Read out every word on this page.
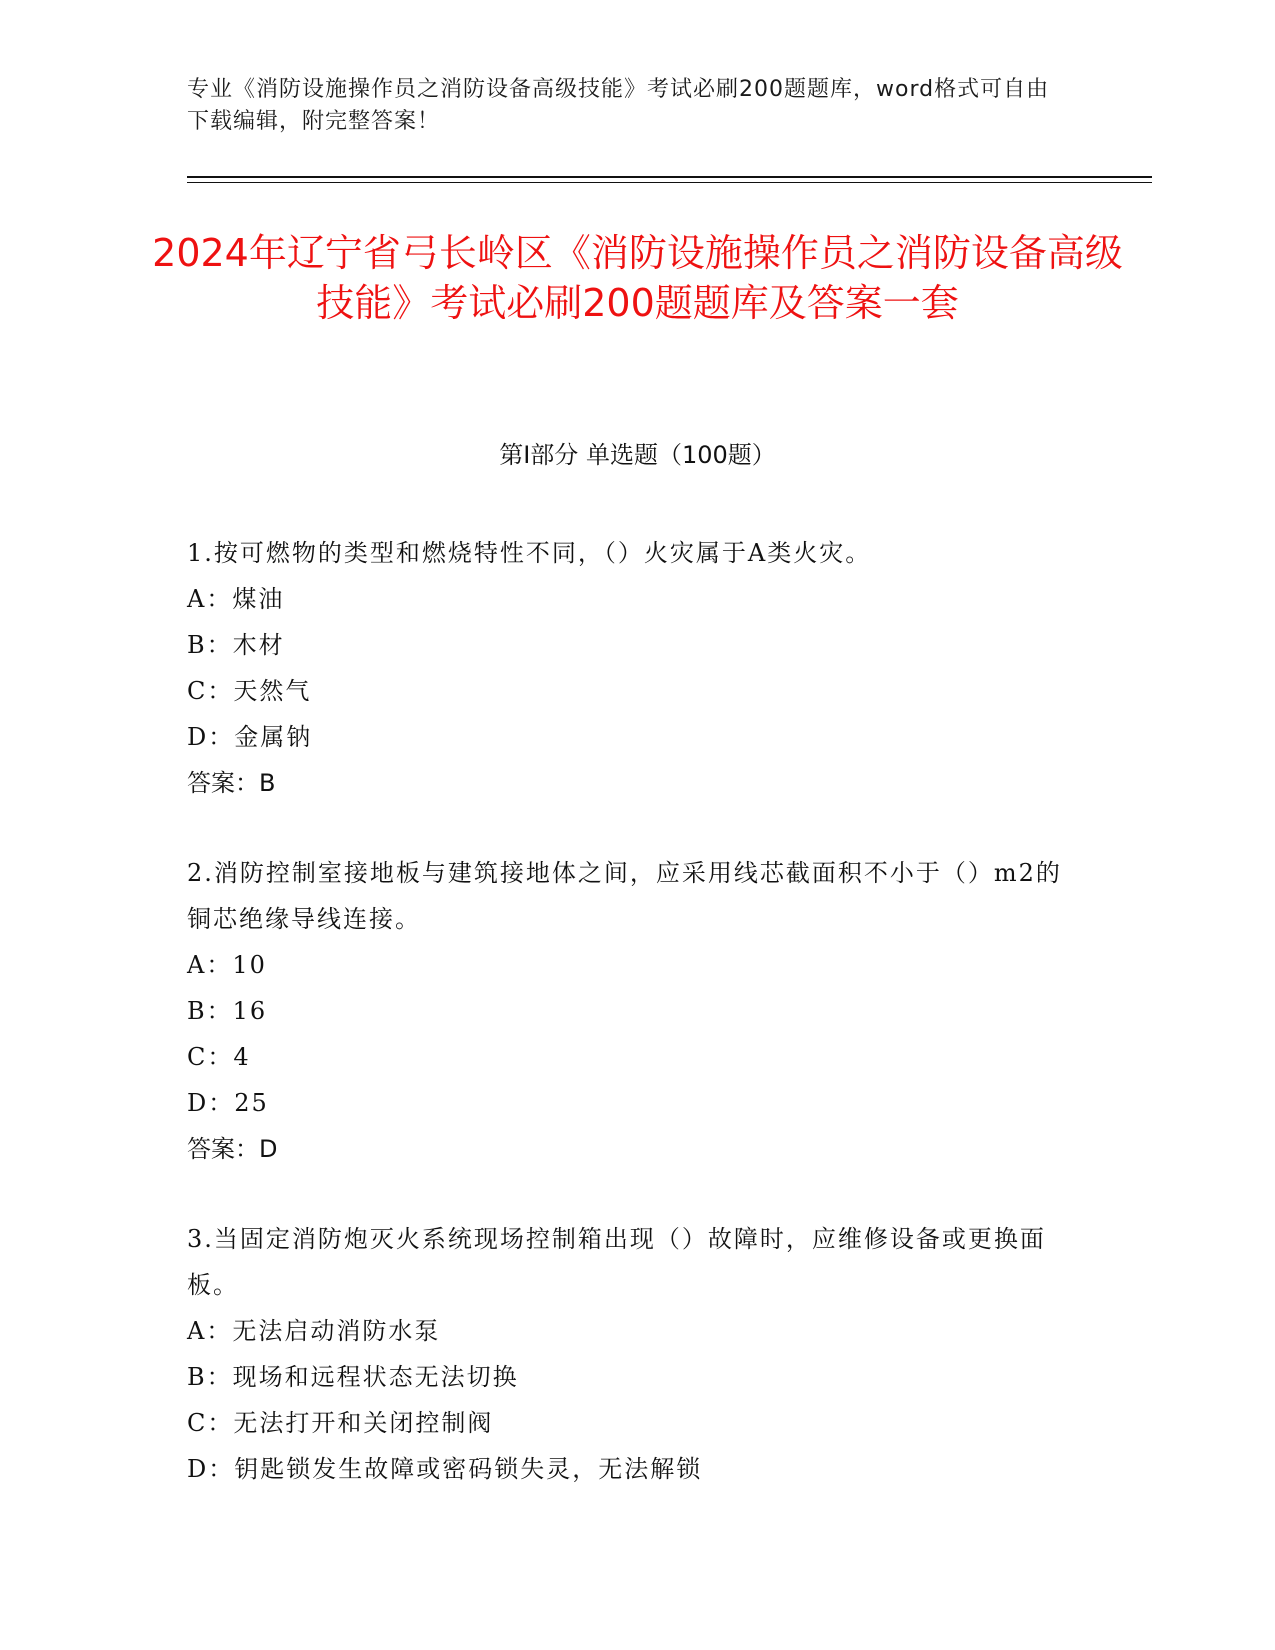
专业《消防设施操作员之消防设备高级技能》考试必刷200题题库，word格式可自由下载编辑，附完整答案！
2024年辽宁省弓长岭区《消防设施操作员之消防设备高级技能》考试必刷200题题库及答案一套
第I部分 单选题（100题）

1.按可燃物的类型和燃烧特性不同，（）火灾属于A类火灾。

A：煤油

B：木材

C：天然气

D：金属钠

答案：B

2.消防控制室接地板与建筑接地体之间，应采用线芯截面积不小于（）m2的铜芯绝缘导线连接。

A：10

B：16

C：4

D：25

答案：D

3.当固定消防炮灭火系统现场控制箱出现（）故障时，应维修设备或更换面板。

A：无法启动消防水泵

B：现场和远程状态无法切换

C：无法打开和关闭控制阀

D：钥匙锁发生故障或密码锁失灵，无法解锁
